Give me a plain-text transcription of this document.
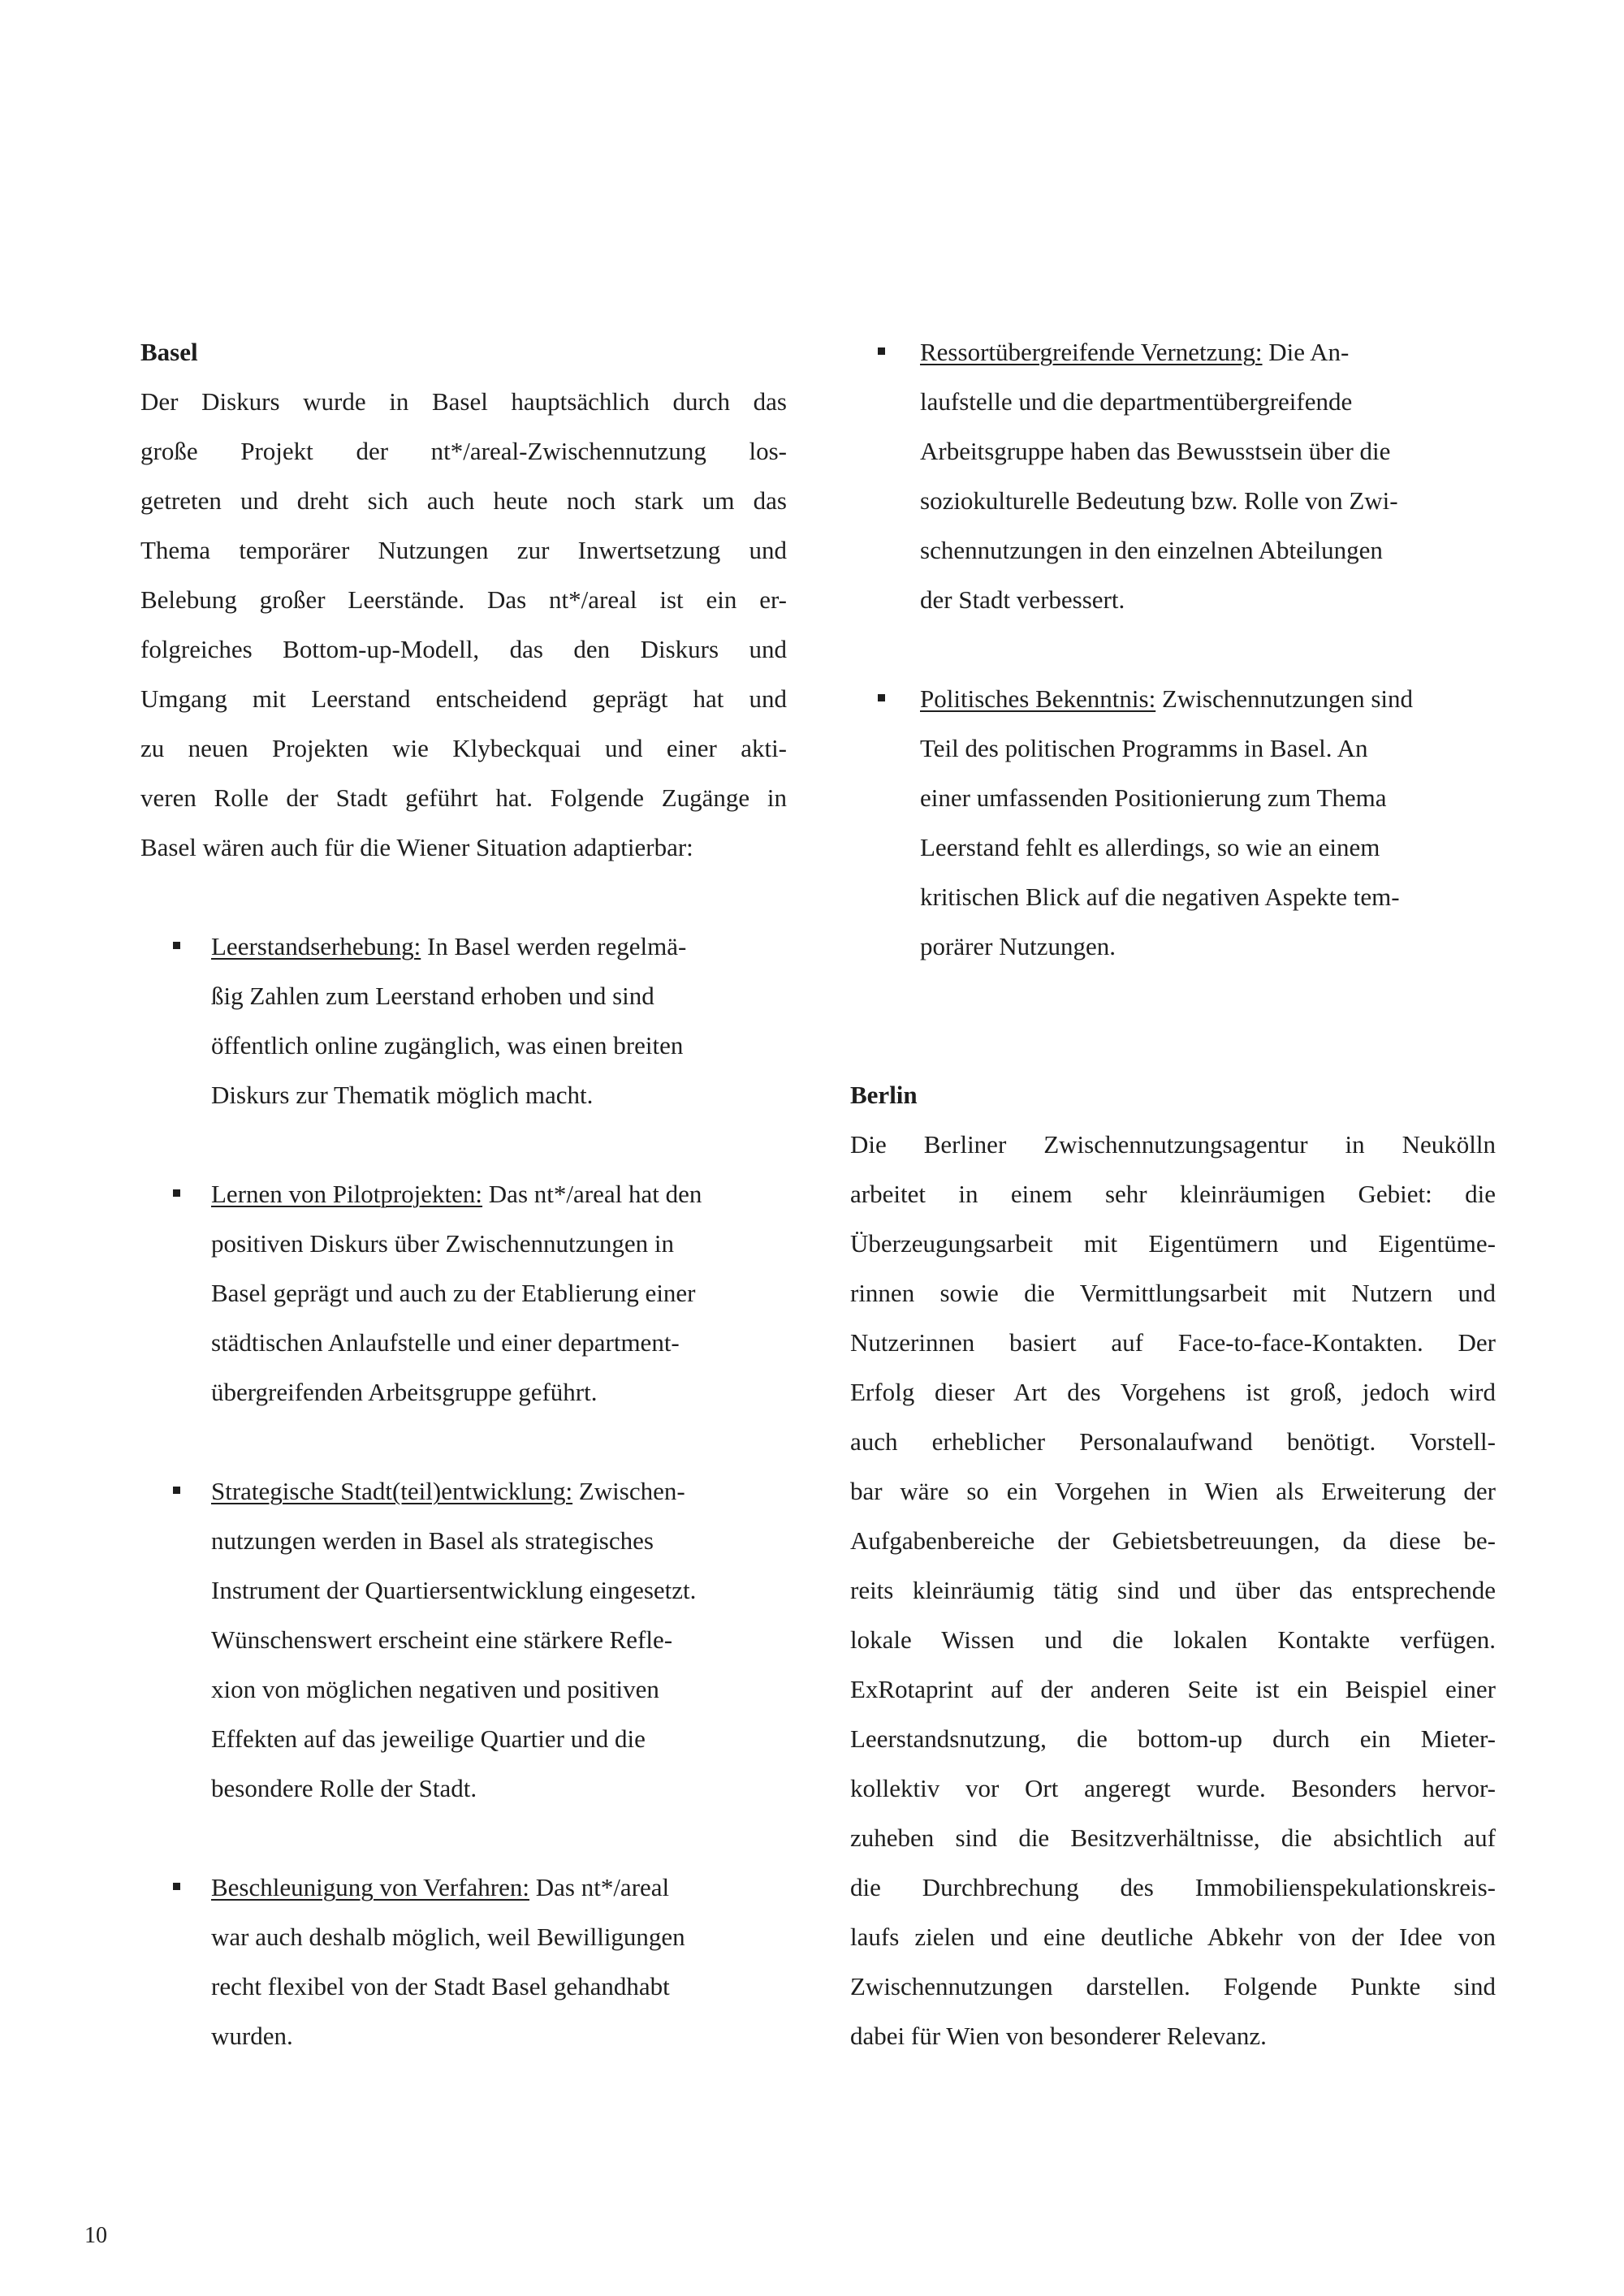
Basel
Der Diskurs wurde in Basel hauptsächlich durch das
große Projekt der nt*/areal-Zwischennutzung los-
getreten und dreht sich auch heute noch stark um das
Thema temporärer Nutzungen zur Inwertsetzung und
Belebung großer Leerstände. Das nt*/areal ist ein er-
folgreiches Bottom-up-Modell, das den Diskurs und
Umgang mit Leerstand entscheidend geprägt hat und
zu neuen Projekten wie Klybeckquai und einer akti-
veren Rolle der Stadt geführt hat. Folgende Zugänge in
Basel wären auch für die Wiener Situation adaptierbar:
Leerstandserhebung: In Basel werden regelmä-
ßig Zahlen zum Leerstand erhoben und sind
öffentlich online zugänglich, was einen breiten
Diskurs zur Thematik möglich macht.
Lernen von Pilotprojekten: Das nt*/areal hat den
positiven Diskurs über Zwischennutzungen in
Basel geprägt und auch zu der Etablierung einer
städtischen Anlaufstelle und einer department-
übergreifenden Arbeitsgruppe geführt.
Strategische Stadt(teil)entwicklung: Zwischen-
nutzungen werden in Basel als strategisches
Instrument der Quartiersentwicklung eingesetzt.
Wünschenswert erscheint eine stärkere Refle-
xion von möglichen negativen und positiven
Effekten auf das jeweilige Quartier und die
besondere Rolle der Stadt.
Beschleunigung von Verfahren: Das nt*/areal
war auch deshalb möglich, weil Bewilligungen
recht flexibel von der Stadt Basel gehandhabt
wurden.
Ressortübergreifende Vernetzung: Die An-
laufstelle und die departmentübergreifende
Arbeitsgruppe haben das Bewusstsein über die
soziokulturelle Bedeutung bzw. Rolle von Zwi-
schennutzungen in den einzelnen Abteilungen
der Stadt verbessert.
Politisches Bekenntnis: Zwischennutzungen sind
Teil des politischen Programms in Basel. An
einer umfassenden Positionierung zum Thema
Leerstand fehlt es allerdings, so wie an einem
kritischen Blick auf die negativen Aspekte tem-
porärer Nutzungen.
Berlin
Die Berliner Zwischennutzungsagentur in Neukölln
arbeitet in einem sehr kleinräumigen Gebiet: die
Überzeugungsarbeit mit Eigentümern und Eigentüme-
rinnen sowie die Vermittlungsarbeit mit Nutzern und
Nutzerinnen basiert auf Face-to-face-Kontakten. Der
Erfolg dieser Art des Vorgehens ist groß, jedoch wird
auch erheblicher Personalaufwand benötigt. Vorstell-
bar wäre so ein Vorgehen in Wien als Erweiterung der
Aufgabenbereiche der Gebietsbetreuungen, da diese be-
reits kleinräumig tätig sind und über das entsprechende
lokale Wissen und die lokalen Kontakte verfügen.
ExRotaprint auf der anderen Seite ist ein Beispiel einer
Leerstandsnutzung, die bottom-up durch ein Mieter-
kollektiv vor Ort angeregt wurde. Besonders hervor-
zuheben sind die Besitzverhältnisse, die absichtlich auf
die Durchbrechung des Immobilienspekulationskreis-
laufs zielen und eine deutliche Abkehr von der Idee von
Zwischennutzungen darstellen. Folgende Punkte sind
dabei für Wien von besonderer Relevanz.
10
